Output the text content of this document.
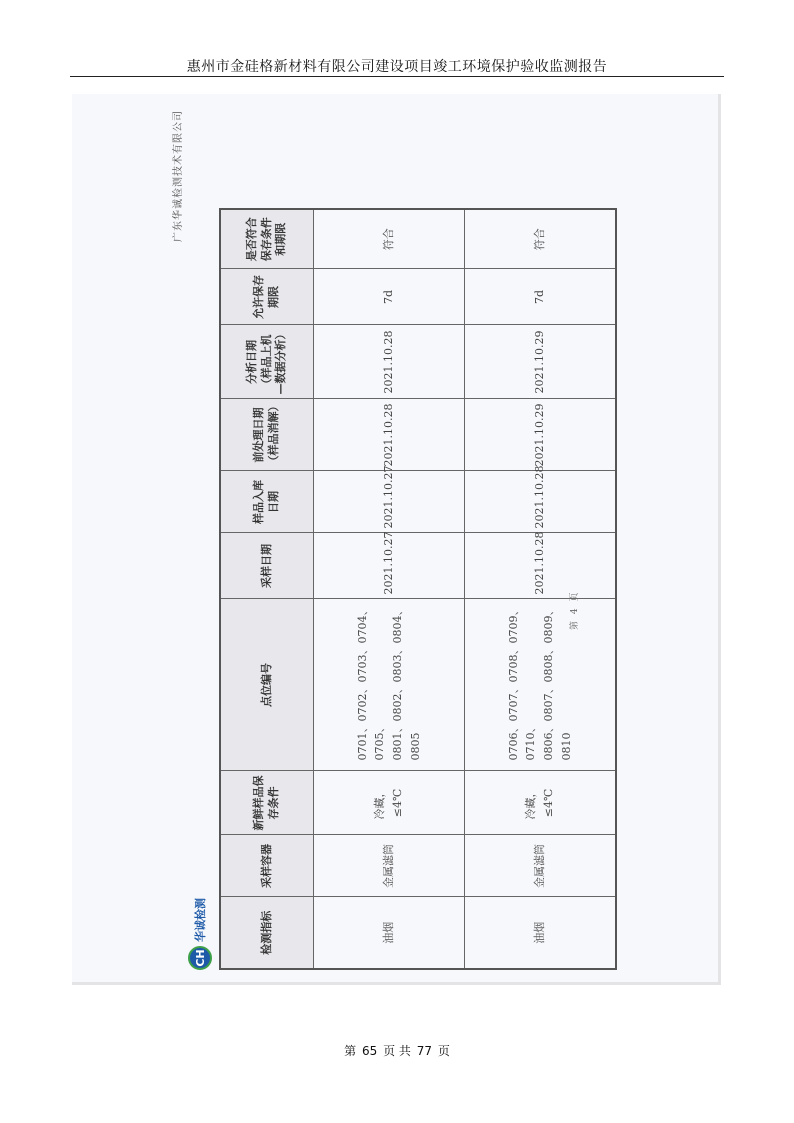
惠州市金硅格新材料有限公司建设项目竣工环境保护验收监测报告
CH
华诚检测
广东华诚检测技术有限公司
检测指标	采样容器	新鲜样品保存条件	点位编号	采样日期	样品入库日期	前处理日期（样品消解）	分析日期（样品上机—数据分析）	允许保存期限	是否符合保存条件和期限
油烟	金属滤筒	冷藏，≤4℃	0701、0702、0703、0704、0705、 0801、0802、0803、0804、0805	2021.10.27	2021.10.27	2021.10.28	2021.10.28	7d	符合
油烟	金属滤筒	冷藏，≤4℃	0706、0707、0708、0709、0710、 0806、0807、0808、0809、0810	2021.10.28	2021.10.28	2021.10.29	2021.10.29	7d	符合
第 4 页
第 65 页 共 77 页
